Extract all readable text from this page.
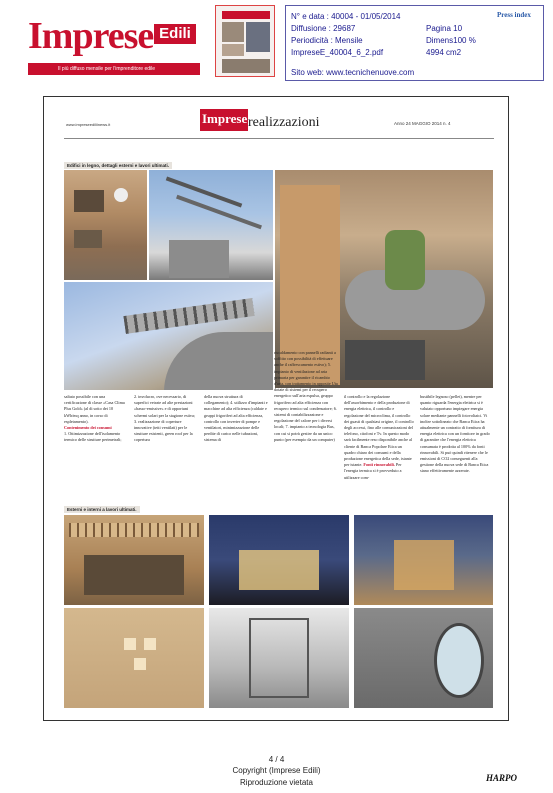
Imprese Edili
Il più diffuso mensile per l'imprenditore edile
N° e data : 40004 - 01/05/2014
Diffusione : 29687
Periodicità : Mensile
ImpreseE_40004_6_2.pdf
Sito web: www.tecnichenuove.com
Pagina 10
Dimens100 %
4994 cm2
Press index
www.impreseediliinews.it	Imprese realizzazioni	Anno 24 MAGGIO 2014 n. 4
Edifici in legno, dettagli esterni e lavori ultimati.
saltato possibile con una certificazione di classe «Casa Clima Plus Gold» (al di sotto dei 10 kWh/mq anno, in corso di espletamento).
Contenimento dei consumi
1. Ottimizzazione dell'isolamento termico delle strutture perimetrali;
2. involucro, ove necessario, di superfici vetrate ad alte prestazioni «basso-emissive» e di opportuni schermi solari per la stagione estiva; 3. realizzazione di coperture innovative (tetti ventilati) per le strutture esistenti, green roof per la copertura
della nuova struttura di collegamento); 4. utilizzo d'impianti e macchine ad alta efficienza (caldaie e gruppi frigoriferi ad alta efficienza, controllo con inverter di pompe e ventilatori, minimizzazione delle perdite di carico nelle tubazioni, sistema di
riscaldamento con pannelli radianti a soffitto con possibilità di effettuare anche il raffrescamento estivo); 5. impianto di ventilazione ad aria primaria per garantire il ricambio d'aria, con trattamento in apposite Uta dotate di sistemi per il recupero energetico sull'aria espulsa, gruppo frigorifero ad alta efficienza con recupero termico sul condensatore; 6. sistemi di contabilizzazione e regolazione del calore per i diversi locali; 7. impianto a tecnologia Bus, con cui si potrà gestire da un unico punto (per esempio da un computer)
il controllo e la regolazione dell'assorbimento e della produzione di energia elettrica, il controllo e regolazione del microclima, il controllo dei guasti di qualsiasi origine, il controllo degli accessi, fino alle comunicazioni del telefono, citofoni e Tv. In questo modo sarà facilmente reso disponibile anche al cliente di Banca Popolare Etica un quadro chiaro dei consumi e della produzione energetica della sede, istante per istante. Fonti rinnovabili. Per l'energia termica si è provveduto a utilizzare com-
bustibile legnoso (pellet), mentre per quanto riguarda l'energia elettrica si è valutato opportuno impiegare energia solare mediante pannelli fotovoltaici. Vi inoltre sottolineato che Banca Etica ha attualmente un contratto di fornitura di energia elettrica con un fornitore in grado di garantire che l'energia elettrica consumata è prodotta al 100% da fonti rinnovabili. Si può quindi ritenere che le emissioni di CO2 conseguenti alla gestione della nuova sede di Banca Etica siano effettivamente azzerate.
Esterni e interni a lavori ultimati.
4 / 4
Copyright (Imprese Edili)
Riproduzione vietata	HARPO
